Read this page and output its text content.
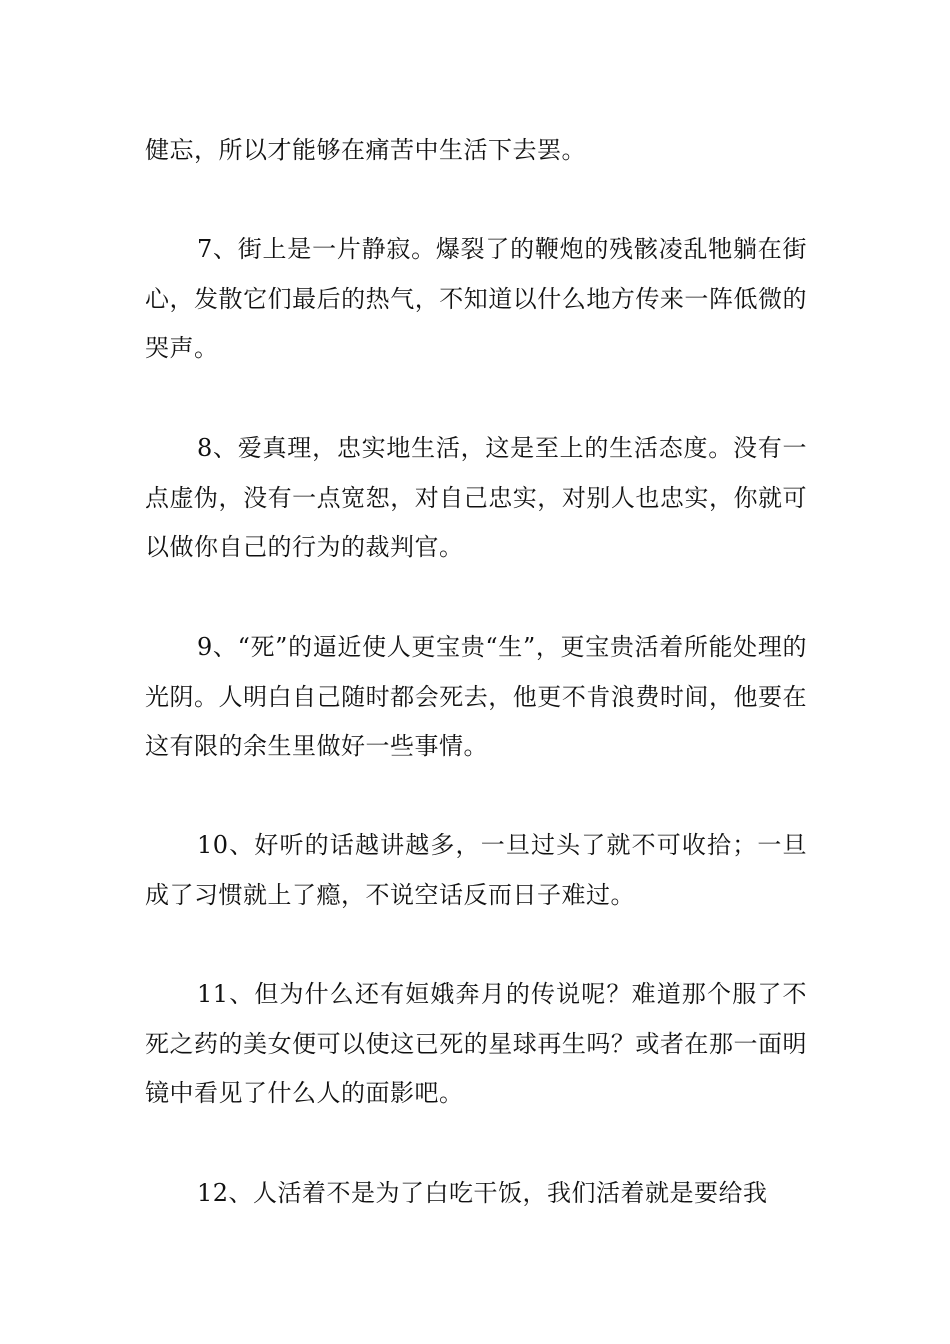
健忘，所以才能够在痛苦中生活下去罢。

7、街上是一片静寂。爆裂了的鞭炮的残骸凌乱牠躺在街心，发散它们最后的热气，不知道以什么地方传来一阵低微的哭声。

8、爱真理，忠实地生活，这是至上的生活态度。没有一点虚伪，没有一点宽恕，对自己忠实，对别人也忠实，你就可以做你自己的行为的裁判官。

9、“死”的逼近使人更宝贵“生”，更宝贵活着所能处理的光阴。人明白自己随时都会死去，他更不肯浪费时间，他要在这有限的余生里做好一些事情。

10、好听的话越讲越多，一旦过头了就不可收拾；一旦成了习惯就上了瘾，不说空话反而日子难过。

11、但为什么还有姮娥奔月的传说呢？难道那个服了不死之药的美女便可以使这已死的星球再生吗？或者在那一面明镜中看见了什么人的面影吧。

12、人活着不是为了白吃干饭，我们活着就是要给我
